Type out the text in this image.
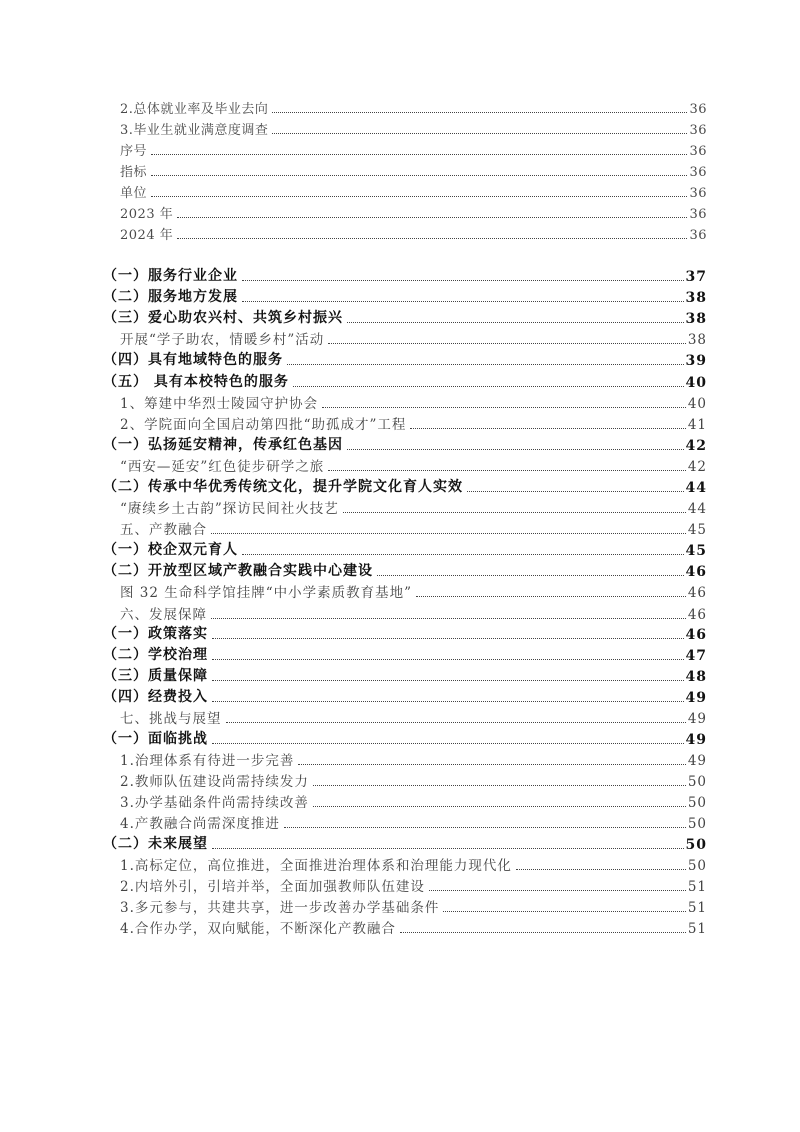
2.总体就业率及毕业去向	36
3.毕业生就业满意度调查	36
序号	36
指标	36
单位	36
2023 年	36
2024 年	36
（一）服务行业企业	37
（二）服务地方发展	38
（三）爱心助农兴村、共筑乡村振兴	38
开展“学子助农，情暖乡村”活动	38
（四）具有地域特色的服务	39
（五） 具有本校特色的服务	40
1、筹建中华烈士陵园守护协会	40
2、学院面向全国启动第四批“助孤成才”工程	41
（一）弘扬延安精神，传承红色基因	42
“西安—延安”红色徒步研学之旅	42
（二）传承中华优秀传统文化，提升学院文化育人实效	44
“赓续乡土古韵”探访民间社火技艺	44
五、产教融合	45
（一）校企双元育人	45
（二）开放型区域产教融合实践中心建设	46
图 32 生命科学馆挂牌“中小学素质教育基地”	46
六、发展保障	46
（一）政策落实	46
（二）学校治理	47
（三）质量保障	48
（四）经费投入	49
七、挑战与展望	49
（一）面临挑战	49
1.治理体系有待进一步完善	49
2.教师队伍建设尚需持续发力	50
3.办学基础条件尚需持续改善	50
4.产教融合尚需深度推进	50
（二）未来展望	50
1.高标定位，高位推进，全面推进治理体系和治理能力现代化	50
2.内培外引，引培并举，全面加强教师队伍建设	51
3.多元参与，共建共享，进一步改善办学基础条件	51
4.合作办学，双向赋能，不断深化产教融合	51
